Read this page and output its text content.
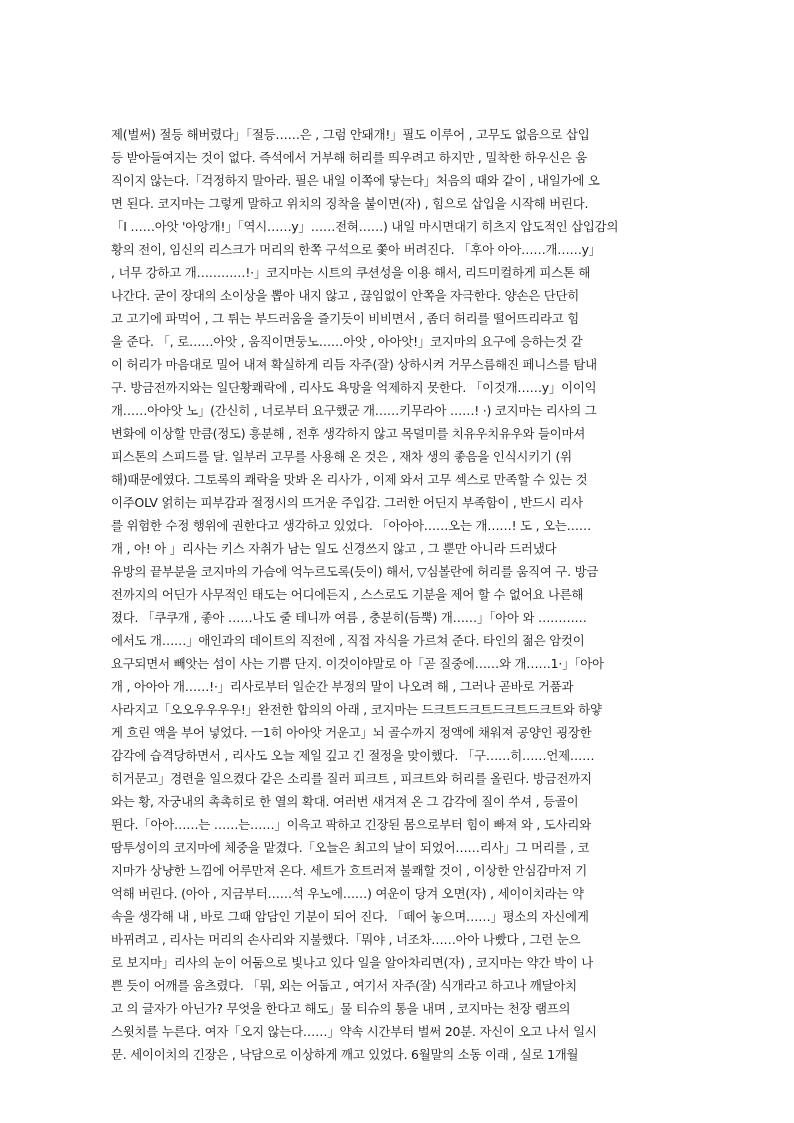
제(벌써) 절등 해버렸다」「절등……은 , 그럼 안돼개!」필도 이루어 , 고무도 없음으로 삽입
등 받아들여지는 것이 없다. 즉석에서 거부해 허리를 띄우려고 하지만 , 밀착한 하우신은 움
직이지 않는다.「걱정하지 말아라. 필은 내일 이쪽에 닿는다」처음의 때와 같이 , 내일가에 오
면 된다. 코지마는 그렇게 말하고 위치의 징착을 붙이면(자) , 힘으로 삽입을 시작해 버린다.
「I ……아앗 '아앙개!」「역시……y」……전혀……) 내일 마시면대기 히츠지 압도적인 삽입감의
황의 전이, 임신의 리스크가 머리의 한쪽 구석으로 쫓아 버려진다. 「후아 아아……개……y」
, 너무 강하고 개…………!·」코지마는 시트의 쿠션성을 이용 해서, 리드미컬하게 피스톤 해
나간다. 굳이 장대의 소이상을 뽑아 내지 않고 , 끊임없이 안쪽을 자극한다. 양손은 단단히
고 고기에 파먹어 , 그 튀는 부드러움을 즐기듯이 비비면서 , 좀더 허리를 떨어뜨리라고 힘
을 준다. 「, 로……아앗 , 움직이면둥노……아앗 , 아아앗!」코지마의 요구에 응하는것 같
이 허리가 마음대로 밀어 내져 확실하게 리듬 자주(잘) 상하시켜 거무스름해진 페니스를 탐내
구. 방금전까지와는 일단황쾌락에 , 리사도 욕망을 억제하지 못한다. 「이것개……y」이이익
개……아아앗 노」(간신히 , 너로부터 요구했군 개……키무라아 ……! ·) 코지마는 리사의 그
변화에 이상할 만큼(정도) 흥분해 , 전후 생각하지 않고 목덜미를 치유우치유우와 들이마셔
피스톤의 스피드를 달. 일부러 고무를 사용해 온 것은 , 재차 생의 좋음을 인식시키기 (위
해)때문에였다. 그토록의 쾌락을 맛봐 온 리사가 , 이제 와서 고무 섹스로 만족할 수 있는 것
이주OLV 얽히는 피부감과 절정시의 뜨거운 주입감. 그러한 어딘지 부족함이 , 반드시 리사
를 위험한 수정 행위에 권한다고 생각하고 있었다. 「아아아……오는 개……! 도 , 오는……
개 , 아! 아 」리사는 키스 자취가 남는 일도 신경쓰지 않고 , 그 뿐만 아니라 드러냈다
유방의 끝부분을 코지마의 가슴에 억누르도록(듯이) 해서, ▽심볼란에 허리를 움직여 구. 방금
전까지의 어딘가 사무적인 태도는 어디에든지 , 스스로도 기분을 제어 할 수 없어요 나른해
졌다. 「쿠쿠개 , 좋아 ……나도 줄 테니까 여름 , 충분히(듬뿍) 개……」「아아 와 …………
에서도 개……」애인과의 데이트의 직전에 , 직접 자식을 가르쳐 준다. 타인의 젊은 암컷이
요구되면서 빼앗는 섬이 사는 기쁨 단지. 이것이야말로 아「곧 질중에……와 개……1·」「아아
개 , 아아아 개……!·」리사로부터 일순간 부정의 말이 나오려 해 , 그러나 곧바로 거품과
사라지고「오오우우우우!」완전한 합의의 아래 , 코지마는 드크트드크트드크트드크트와 하얗
게 흐린 액을 부어 넣었다. ㅡ1히 아아앗 거운고」뇌 골수까지 정액에 채워져 공양인 굉장한
감각에 습격당하면서 , 리사도 오늘 제일 깊고 긴 절정을 맞이했다. 「구……히……언제……
히거문고」경련을 일으켰다 같은 소리를 질러 피크트 , 피크트와 허리를 올린다. 방금전까지
와는 황, 자궁내의 촉촉히로 한 열의 확대. 여러번 새겨져 온 그 감각에 질이 쑤셔 , 등골이
뛴다.「아아……는 ……는……」이윽고 팍하고 긴장된 몸으로부터 힘이 빠져 와 , 도사리와
땀투성이의 코지마에 체중을 맡겼다.「오늘은 최고의 날이 되었어……리사」그 머리를 , 코
지마가 상냥한 느낌에 어루만져 온다. 세트가 흐트러져 불쾌할 것이 , 이상한 안심감마저 기
억해 버린다. (아아 , 지금부터……석 우노에……) 여운이 당겨 오면(자) , 세이이치라는 약
속을 생각해 내 , 바로 그때 암담인 기분이 되어 진다. 「떼어 놓으며……」평소의 자신에게
바뀌려고 , 리사는 머리의 손사리와 지불했다.「뭐야 , 너조차……아아 나빴다 , 그런 눈으
로 보지마」리사의 눈이 어둠으로 빛나고 있다 일을 알아차리면(자) , 코지마는 약간 박이 나
쁜 듯이 어깨를 움츠렸다. 「뭐, 외는 어둡고 , 여기서 자주(잘) 식개라고 하고나 깨달아치
고 의 글자가 아닌가? 무엇을 한다고 해도」물 티슈의 통을 내며 , 코지마는 천장 램프의
스윗치를 누른다. 여자「오지 않는다……」약속 시간부터 벌써 20분. 자신이 오고 나서 일시
문. 세이이치의 긴장은 , 낙담으로 이상하게 깨고 있었다. 6월말의 소동 이래 , 실로 1개월
